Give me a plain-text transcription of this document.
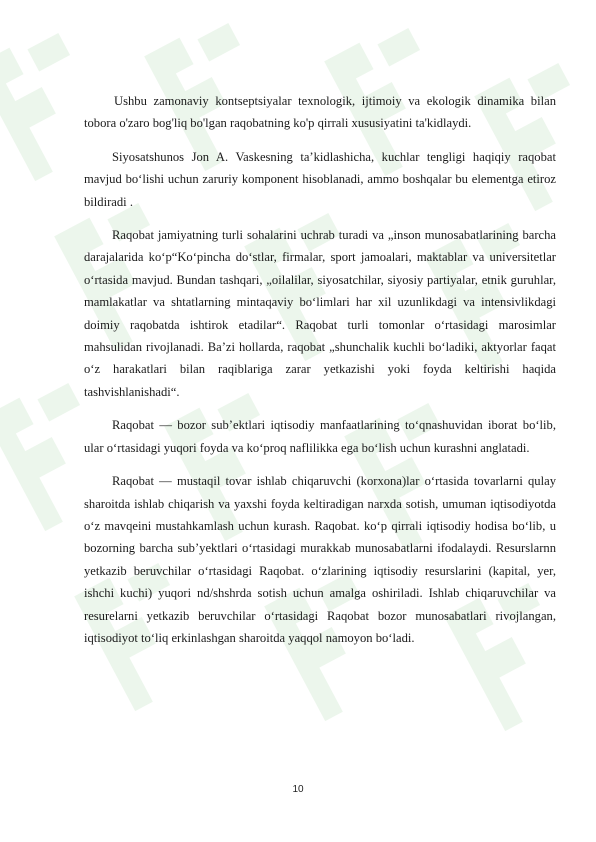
Ushbu zamonaviy kontseptsiyalar texnologik, ijtimoiy va ekologik dinamika bilan tobora o'zaro bog'liq bo'lgan raqobatning ko'p qirrali xususiyatini ta'kidlaydi.

Siyosatshunos Jon A. Vaskesning ta’kidlashicha, kuchlar tengligi haqiqiy raqobat mavjud bo‘lishi uchun zaruriy komponent hisoblanadi, ammo boshqalar bu elementga etiroz bildiradi .

Raqobat jamiyatning turli sohalarini uchrab turadi va „inson munosabatlarining barcha darajalarida ko‘p“Ko‘pincha do‘stlar, firmalar, sport jamoalari, maktablar va universitetlar o‘rtasida mavjud. Bundan tashqari, „oilalilar, siyosatchilar, siyosiy partiyalar, etnik guruhlar, mamlakatlar va shtatlarning mintaqaviy bo‘limlari har xil uzunlikdagi va intensivlikdagi doimiy raqobatda ishtirok etadilar“. Raqobat turli tomonlar o‘rtasidagi marosimlar mahsulidan rivojlanadi. Ba’zi hollarda, raqobat „shunchalik kuchli bo‘ladiki, aktyorlar faqat o‘z harakatlari bilan raqiblariga zarar yetkazishi yoki foyda keltirishi haqida tashvishlanishadi“.

Raqobat — bozor sub’ektlari iqtisodiy manfaatlarining to‘qnashuvidan iborat bo‘lib, ular o‘rtasidagi yuqori foyda va ko‘proq naflilikka ega bo‘lish uchun kurashni anglatadi.

Raqobat — mustaqil tovar ishlab chiqaruvchi (korxona)lar o‘rtasida tovarlarni qulay sharoitda ishlab chiqarish va yaxshi foyda keltiradigan narxda sotish, umuman iqtisodiyotda o‘z mavqeini mustahkamlash uchun kurash. Raqobat. ko‘p qirrali iqtisodiy hodisa bo‘lib, u bozorning barcha sub’yektlari o‘rtasidagi murakkab munosabatlarni ifodalaydi. Resurslarnn yetkazib beruvchilar o‘rtasidagi Raqobat. o‘zlarining iqtisodiy resurslarini (kapital, yer, ishchi kuchi) yuqori nd/shshrda sotish uchun amalga oshiriladi. Ishlab chiqaruvchilar va resurelarni yetkazib beruvchilar o‘rtasidagi Raqobat bozor munosabatlari rivojlangan, iqtisodiyot to‘liq erkinlashgan sharoitda yaqqol namoyon bo‘ladi.

10
